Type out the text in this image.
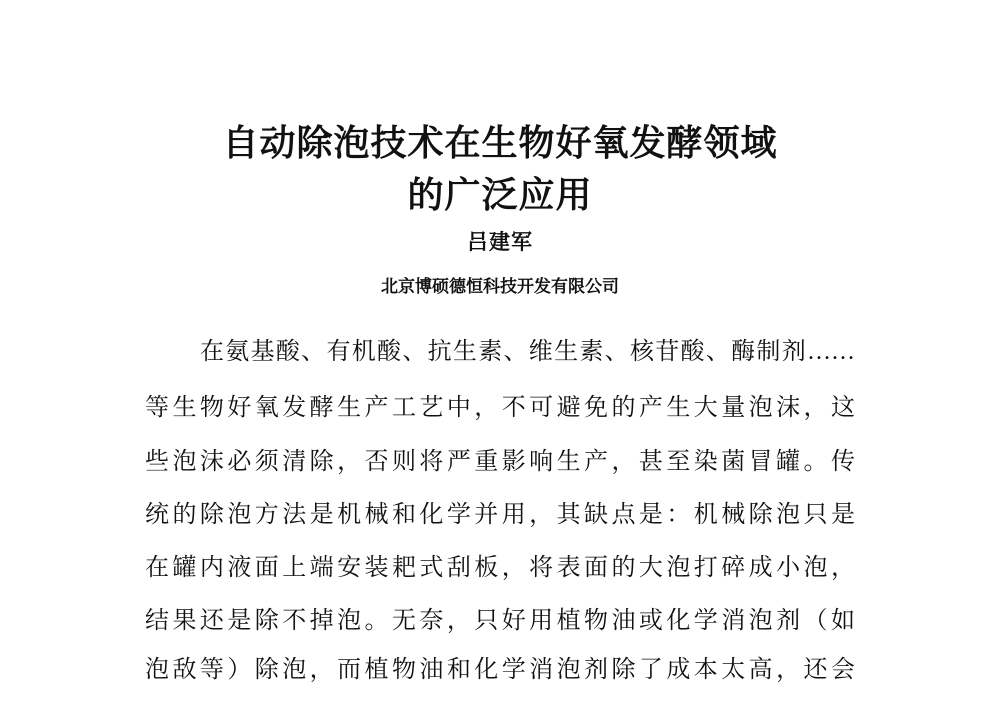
自动除泡技术在生物好氧发酵领域
的广泛应用
吕建军
北京博硕德恒科技开发有限公司
在氨基酸、有机酸、抗生素、维生素、核苷酸、酶制剂……
等生物好氧发酵生产工艺中，不可避免的产生大量泡沫，这
些泡沫必须清除，否则将严重影响生产，甚至染菌冒罐。传
统的除泡方法是机械和化学并用，其缺点是：机械除泡只是
在罐内液面上端安装耙式刮板，将表面的大泡打碎成小泡，
结果还是除不掉泡。无奈，只好用植物油或化学消泡剂（如
泡敌等）除泡，而植物油和化学消泡剂除了成本太高，还会
